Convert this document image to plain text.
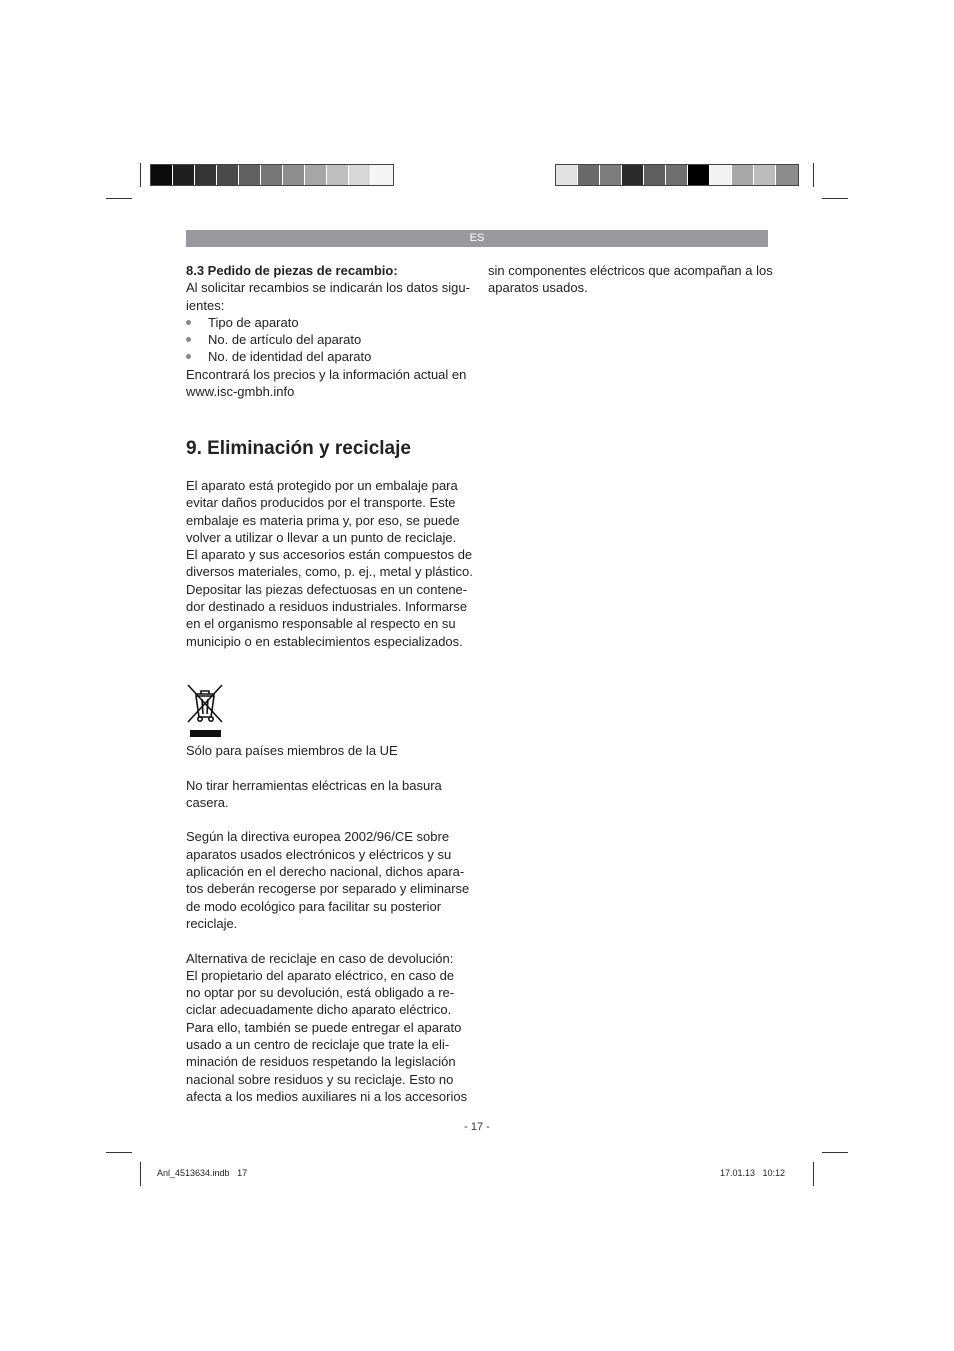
ES

8.3 Pedido de piezas de recambio:

Al solicitar recambios se indicarán los datos sigu-

ientes:

Tipo de aparato
No. de artículo del aparato
No. de identidad del aparato

Encontrará los precios y la información actual en

www.isc-gmbh.info

9. Eliminación y reciclaje

El aparato está protegido por un embalaje para

evitar daños producidos por el transporte. Este

embalaje es materia prima y, por eso, se puede

volver a utilizar o llevar a un punto de reciclaje.

El aparato y sus accesorios están compuestos de

diversos materiales, como, p. ej., metal y plástico.

Depositar las piezas defectuosas en un contene-

dor destinado a residuos industriales. Informarse

en el organismo responsable al respecto en su

municipio o en establecimientos especializados.

Sólo para países miembros de la UE

No tirar herramientas eléctricas en la basura

casera.

Según la directiva europea 2002/96/CE sobre

aparatos usados electrónicos y eléctricos y su

aplicación en el derecho nacional, dichos apara-

tos deberán recogerse por separado y eliminarse

de modo ecológico para facilitar su posterior

reciclaje.

Alternativa de reciclaje en caso de devolución:

El propietario del aparato eléctrico, en caso de

no optar por su devolución, está obligado a re-

ciclar adecuadamente dicho aparato eléctrico.

Para ello, también se puede entregar el aparato

usado a un centro de reciclaje que trate la eli-

minación de residuos respetando la legislación

nacional sobre residuos y su reciclaje. Esto no

afecta a los medios auxiliares ni a los accesorios

sin componentes eléctricos que acompañan a los

aparatos usados.

- 17 -
Anl_4513634.indb   17	17.01.13   10:12
